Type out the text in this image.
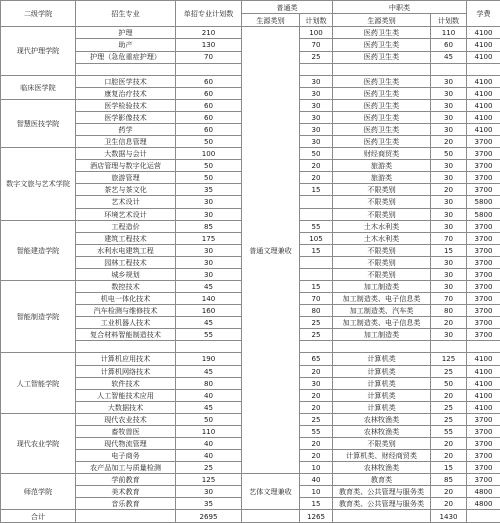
二级学院	招生专业	单招专业计划数	普通类		中职类		学费
			生源类别	计划数	生源类别	计划数	
现代护理学院	护理	210	普通文理兼收	100	医药卫生类	110	4100
	助产	130		70	医药卫生类	60	4100
	护理（急危重症护理）	70		25	医药卫生类	45	4100

临床医学院	口腔医学技术	60		30	医药卫生类	30	4100
	康复治疗技术	60		30	医药卫生类	30	4100
智慧医技学院	医学检验技术	60		30	医药卫生类	30	4100
	医学影像技术	60		30	医药卫生类	30	4100
	药学	60		30	医药卫生类	30	4100
	卫生信息管理	50		30	医药卫生类	20	3700
数字文旅与艺术学院	大数据与会计	100		50	财经商贸类	50	3700
	酒店管理与数字化运营	50		20	旅游类	30	3700
	旅游管理	50		20	旅游类	30	3700
	茶艺与茶文化	35		15	不限类别	20	3700
	艺术设计	30			不限类别	30	5800
	环境艺术设计	30			不限类别	30	5800
智能建造学院	工程造价	85		55	土木水利类	30	3700
	建筑工程技术	175		105	土木水利类	70	3700
	水利水电建筑工程	30		15	不限类别	15	3700
	园林工程技术	30			不限类别	30	3700
	城乡规划	30			不限类别	30	3700
智能制造学院	数控技术	45		15	加工制造类	30	3700
	机电一体化技术	140		70	加工制造类、电子信息类	70	3700
	汽车检测与维修技术	160		80	加工制造类、汽车类	80	3700
	工业机器人技术	45		25	加工制造类、电子信息类	20	3700
	复合材料智能制造技术	55		25	加工制造类	30	3700

人工智能学院	计算机应用技术	190		65	计算机类	125	4100
	计算机网络技术	45		20	计算机类	25	4100
	软件技术	80		30	计算机类	50	4100
	人工智能技术应用	40		20	计算机类	20	4100
	大数据技术	45		20	计算机类	25	4100
现代农业学院	现代农业技术	50		25	农林牧渔类	25	3700
	畜牧兽医	110		55	农林牧渔类	55	3700
	现代物流管理	40		20	不限类别	20	3700
	电子商务	40		20	计算机类、财经商贸类	20	3700
	农产品加工与质量检测	25		10	农林牧渔类	15	3700
师范学院	学前教育	125	艺体文理兼收	40	教育类	85	3700
	美术教育	30		10	教育类、公共管理与服务类	20	4800
	音乐教育	35		15	教育类、公共管理与服务类	20	4800
合计		2695		1265		1430	
